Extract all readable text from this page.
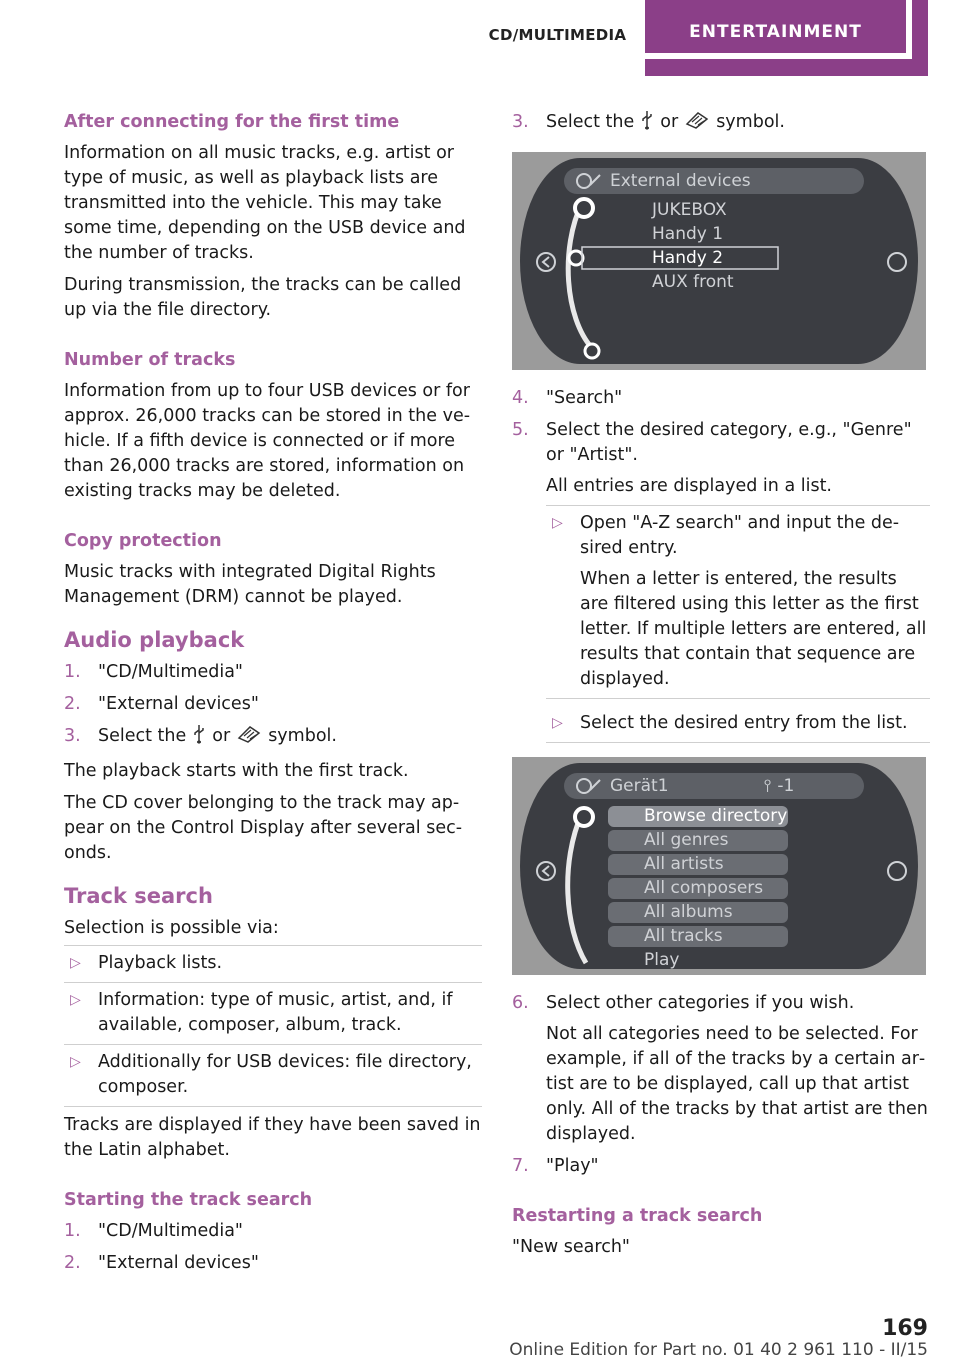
CD/MULTIMEDIA	ENTERTAINMENT
After connecting for the first time

Information on all music tracks, e.g. artist or type of music, as well as playback lists are transmitted into the vehicle. This may take some time, depending on the USB device and the number of tracks.

During transmission, the tracks can be called up via the file directory.

Number of tracks

Information from up to four USB devices or for approx. 26,000 tracks can be stored in the vehicle. If a fifth device is connected or if more than 26,000 tracks are stored, information on existing tracks may be deleted.

Copy protection

Music tracks with integrated Digital Rights Management (DRM) cannot be played.

Audio playback
1. "CD/Multimedia"
2. "External devices"
3. Select the or symbol.

The playback starts with the first track.

The CD cover belonging to the track may appear on the Control Display after several seconds.

Track search

Selection is possible via:

▷ Playback lists.
▷ Information: type of music, artist, and, if available, composer, album, track.
▷ Additionally for USB devices: file directory, composer.

Tracks are displayed if they have been saved in the Latin alphabet.

Starting the track search
1. "CD/Multimedia"
2. "External devices"
3. Select the or symbol.
External devices
JUKEBOX
Handy 1
Handy 2
AUX front
4. "Search"
5. Select the desired category, e.g., "Genre" or "Artist".
All entries are displayed in a list.
▷ Open "A-Z search" and input the desired entry.
When a letter is entered, the results are filtered using this letter as the first letter. If multiple letters are entered, all results that contain that sequence are displayed.
▷ Select the desired entry from the list.
Gerät1	⫯ -1
Browse directory
All genres
All artists
All composers
All albums
All tracks
Play
6. Select other categories if you wish.
Not all categories need to be selected. For example, if all of the tracks by a certain artist are to be displayed, call up that artist only. All of the tracks by that artist are then displayed.
7. "Play"
Restarting a track search

"New search"

169
Online Edition for Part no. 01 40 2 961 110 - II/15
